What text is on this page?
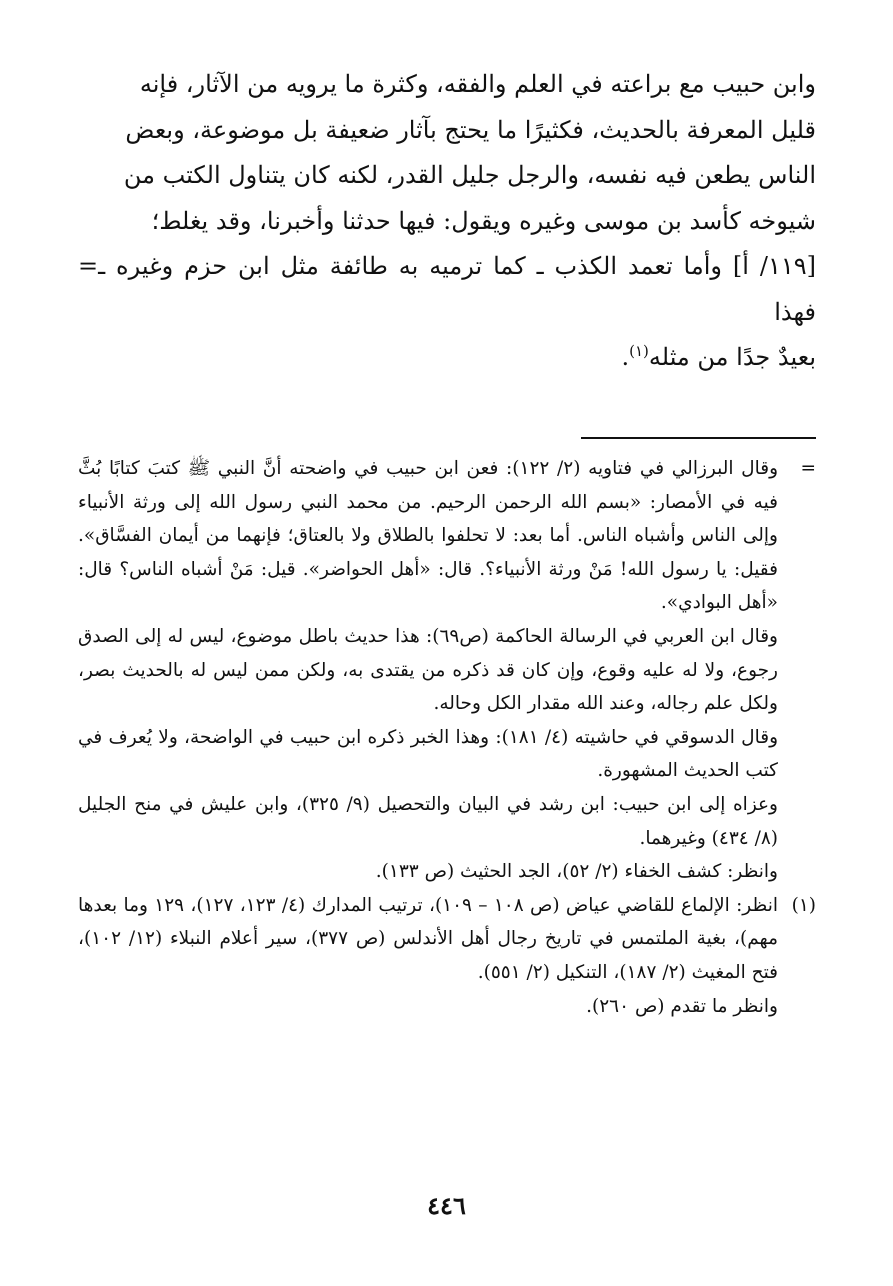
وابن حبيب مع براعته في العلم والفقه، وكثرة ما يرويه من الآثار، فإنه

قليل المعرفة بالحديث، فكثيرًا ما يحتج بآثار ضعيفة بل موضوعة، وبعض

الناس يطعن فيه نفسه، والرجل جليل القدر، لكنه كان يتناول الكتب من

شيوخه كأسد بن موسى وغيره ويقول: فيها حدثنا وأخبرنا، وقد يغلط؛

[١١٩/ أ] وأما تعمد الكذب ـ كما ترميه به طائفة مثل ابن حزم وغيره ـ= فهذا

بعيدٌ جدًا من مثله$^{(١)}$.

=

وقال البرزالي في فتاويه (٢/ ١٢٢): فعن ابن حبيب في واضحته أنَّ النبي ﷺ كتبَ كتابًا بُثَّ فيه في الأمصار: «بسم الله الرحمن الرحيم. من محمد النبي رسول الله إلى ورثة الأنبياء وإلى الناس وأشباه الناس. أما بعد: لا تحلفوا بالطلاق ولا بالعتاق؛ فإنهما من أيمان الفسَّاق». فقيل: يا رسول الله! مَنْ ورثة الأنبياء؟. قال: «أهل الحواضر». قيل: مَنْ أشباه الناس؟ قال: «أهل البوادي».

وقال ابن العربي في الرسالة الحاكمة (ص٦٩): هذا حديث باطل موضوع، ليس له إلى الصدق رجوع، ولا له عليه وقوع، وإن كان قد ذكره من يقتدى به، ولكن ممن ليس له بالحديث بصر، ولكل علم رجاله، وعند الله مقدار الكل وحاله.

وقال الدسوقي في حاشيته (٤/ ١٨١): وهذا الخبر ذكره ابن حبيب في الواضحة، ولا يُعرف في كتب الحديث المشهورة.

وعزاه إلى ابن حبيب: ابن رشد في البيان والتحصيل (٩/ ٣٢٥)، وابن عليش في منح الجليل (٨/ ٤٣٤) وغيرهما.

وانظر: كشف الخفاء (٢/ ٥٢)، الجد الحثيث (ص ١٣٣).

(١)

انظر: الإلماع للقاضي عياض (ص ١٠٨ – ١٠٩)، ترتيب المدارك (٤/ ١٢٣، ١٢٧)، ١٢٩ وما بعدها مهم)، بغية الملتمس في تاريخ رجال أهل الأندلس (ص ٣٧٧)، سير أعلام النبلاء (١٢/ ١٠٢)، فتح المغيث (٢/ ١٨٧)، التنكيل (٢/ ٥٥١).

وانظر ما تقدم (ص ٢٦٠).

٤٤٦
